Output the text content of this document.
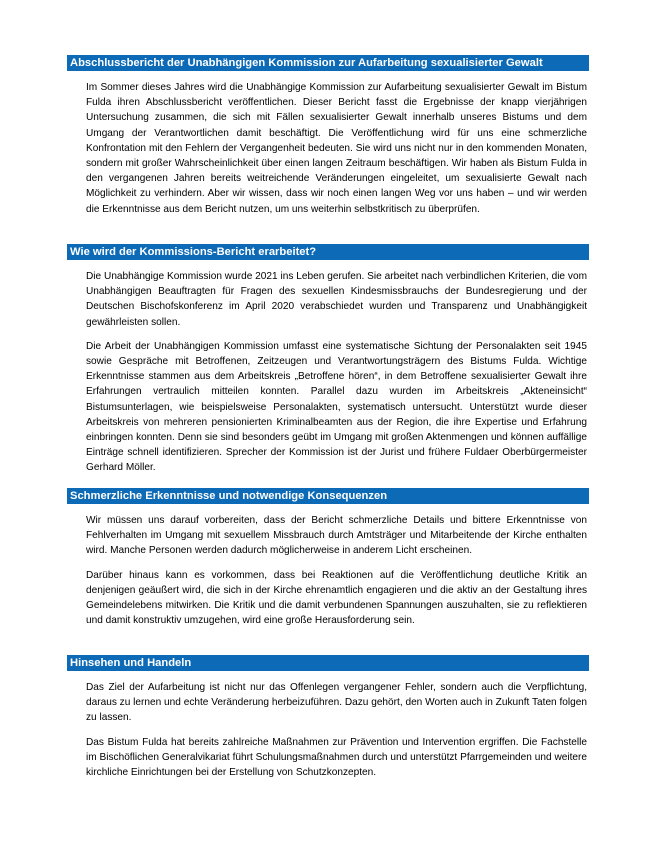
Abschlussbericht der Unabhängigen Kommission zur Aufarbeitung sexualisierter Gewalt

Im Sommer dieses Jahres wird die Unabhängige Kommission zur Aufarbeitung sexualisierter Gewalt im Bistum Fulda ihren Abschlussbericht veröffentlichen. Dieser Bericht fasst die Ergebnisse der knapp vierjährigen Untersuchung zusammen, die sich mit Fällen sexualisierter Gewalt innerhalb unseres Bistums und dem Umgang der Verantwortlichen damit beschäftigt. Die Veröffentlichung wird für uns eine schmerzliche Konfrontation mit den Fehlern der Vergangenheit bedeuten. Sie wird uns nicht nur in den kommenden Monaten, sondern mit großer Wahrscheinlichkeit über einen langen Zeitraum beschäftigen. Wir haben als Bistum Fulda in den vergangenen Jahren bereits weitreichende Veränderungen eingeleitet, um sexualisierte Gewalt nach Möglichkeit zu verhindern. Aber wir wissen, dass wir noch einen langen Weg vor uns haben – und wir werden die Erkenntnisse aus dem Bericht nutzen, um uns weiterhin selbstkritisch zu überprüfen.

Wie wird der Kommissions-Bericht erarbeitet?

Die Unabhängige Kommission wurde 2021 ins Leben gerufen. Sie arbeitet nach verbindlichen Kriterien, die vom Unabhängigen Beauftragten für Fragen des sexuellen Kindesmissbrauchs der Bundesregierung und der Deutschen Bischofskonferenz im April 2020 verabschiedet wurden und Transparenz und Unabhängigkeit gewährleisten sollen.

Die Arbeit der Unabhängigen Kommission umfasst eine systematische Sichtung der Personalakten seit 1945 sowie Gespräche mit Betroffenen, Zeitzeugen und Verantwortungsträgern des Bistums Fulda. Wichtige Erkenntnisse stammen aus dem Arbeitskreis „Betroffene hören“, in dem Betroffene sexualisierter Gewalt ihre Erfahrungen vertraulich mitteilen konnten. Parallel dazu wurden im Arbeitskreis „Akteneinsicht“ Bistumsunterlagen, wie beispielsweise Personalakten, systematisch untersucht. Unterstützt wurde dieser Arbeitskreis von mehreren pensionierten Kriminalbeamten aus der Region, die ihre Expertise und Erfahrung einbringen konnten. Denn sie sind besonders geübt im Umgang mit großen Aktenmengen und können auffällige Einträge schnell identifizieren. Sprecher der Kommission ist der Jurist und frühere Fuldaer Oberbürgermeister Gerhard Möller.

Schmerzliche Erkenntnisse und notwendige Konsequenzen

Wir müssen uns darauf vorbereiten, dass der Bericht schmerzliche Details und bittere Erkenntnisse von Fehlverhalten im Umgang mit sexuellem Missbrauch durch Amtsträger und Mitarbeitende der Kirche enthalten wird. Manche Personen werden dadurch möglicherweise in anderem Licht erscheinen.

Darüber hinaus kann es vorkommen, dass bei Reaktionen auf die Veröffentlichung deutliche Kritik an denjenigen geäußert wird, die sich in der Kirche ehrenamtlich engagieren und die aktiv an der Gestaltung ihres Gemeindelebens mitwirken. Die Kritik und die damit verbundenen Spannungen auszuhalten, sie zu reflektieren und damit konstruktiv umzugehen, wird eine große Herausforderung sein.

Hinsehen und Handeln

Das Ziel der Aufarbeitung ist nicht nur das Offenlegen vergangener Fehler, sondern auch die Verpflichtung, daraus zu lernen und echte Veränderung herbeizuführen. Dazu gehört, den Worten auch in Zukunft Taten folgen zu lassen.

Das Bistum Fulda hat bereits zahlreiche Maßnahmen zur Prävention und Intervention ergriffen. Die Fachstelle im Bischöflichen Generalvikariat führt Schulungsmaßnahmen durch und unterstützt Pfarrgemeinden und weitere kirchliche Einrichtungen bei der Erstellung von Schutzkonzepten.
